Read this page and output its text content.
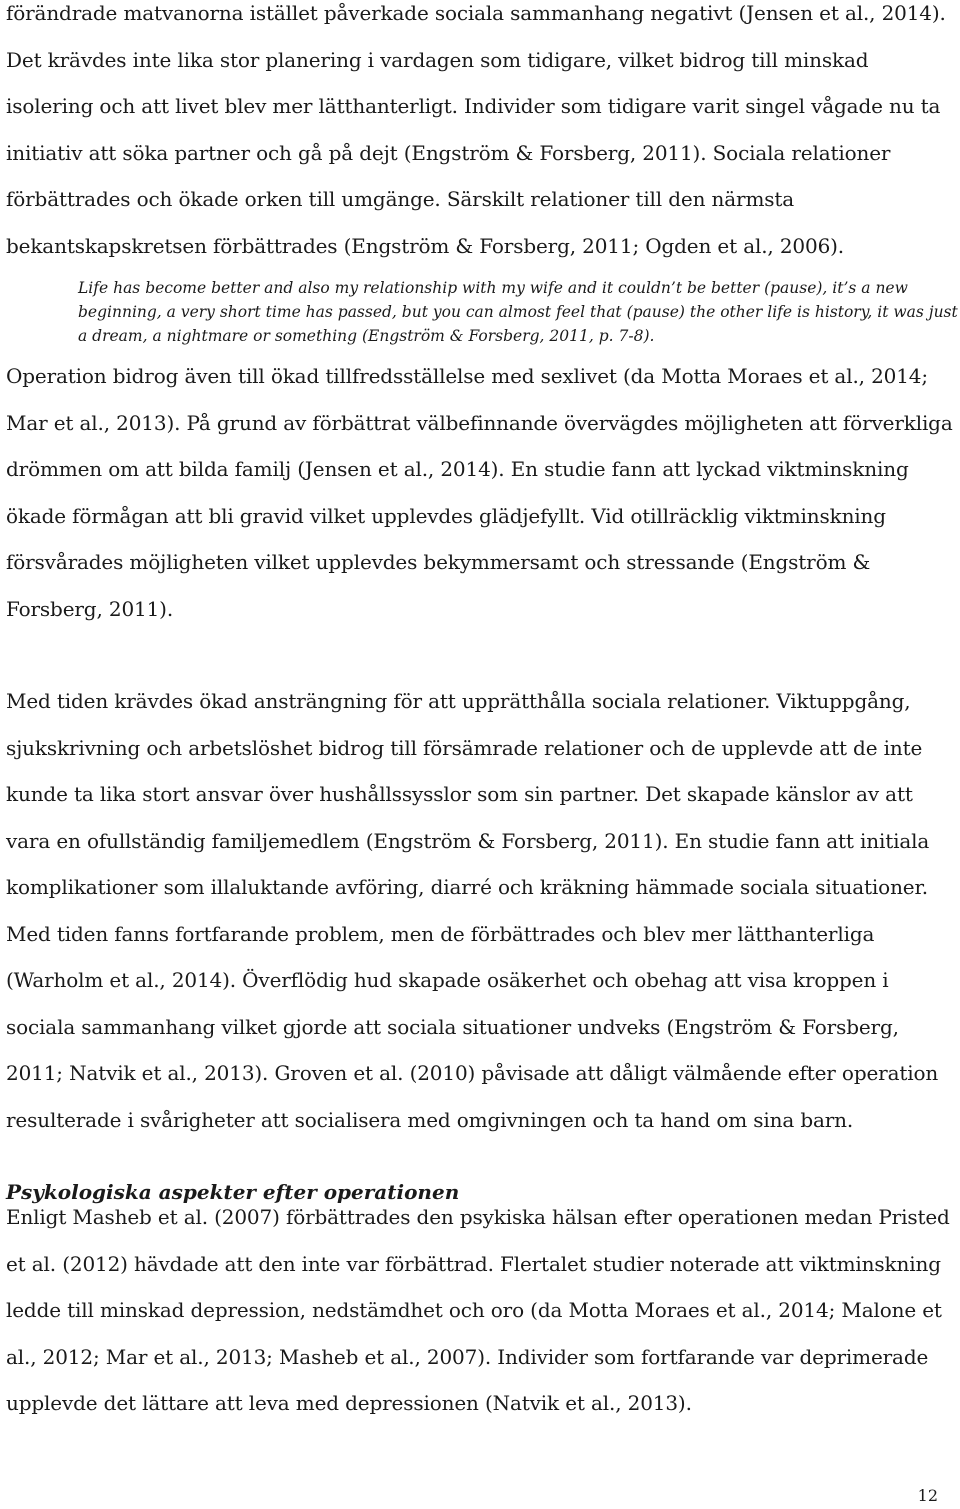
förändrade matvanorna istället påverkade sociala sammanhang negativt (Jensen et al., 2014). Det krävdes inte lika stor planering i vardagen som tidigare, vilket bidrog till minskad isolering och att livet blev mer lätthanterligt. Individer som tidigare varit singel vågade nu ta initiativ att söka partner och gå på dejt (Engström & Forsberg, 2011). Sociala relationer förbättrades och ökade orken till umgänge. Särskilt relationer till den närmsta bekantskapskretsen förbättrades (Engström & Forsberg, 2011; Ogden et al., 2006).

Life has become better and also my relationship with my wife and it couldn’t be better (pause), it’s a new beginning, a very short time has passed, but you can almost feel that (pause) the other life is history, it was just a dream, a nightmare or something (Engström & Forsberg, 2011, p. 7-8).

Operation bidrog även till ökad tillfredsställelse med sexlivet (da Motta Moraes et al., 2014; Mar et al., 2013). På grund av förbättrat välbefinnande övervägdes möjligheten att förverkliga drömmen om att bilda familj (Jensen et al., 2014). En studie fann att lyckad viktminskning ökade förmågan att bli gravid vilket upplevdes glädjefyllt. Vid otillräcklig viktminskning försvårades möjligheten vilket upplevdes bekymmersamt och stressande (Engström & Forsberg, 2011).

Med tiden krävdes ökad ansträngning för att upprätthålla sociala relationer. Viktuppgång, sjukskrivning och arbetslöshet bidrog till försämrade relationer och de upplevde att de inte kunde ta lika stort ansvar över hushållssysslor som sin partner. Det skapade känslor av att vara en ofullständig familjemedlem (Engström & Forsberg, 2011). En studie fann att initiala komplikationer som illaluktande avföring, diarré och kräkning hämmade sociala situationer. Med tiden fanns fortfarande problem, men de förbättrades och blev mer lätthanterliga (Warholm et al., 2014). Överflödig hud skapade osäkerhet och obehag att visa kroppen i sociala sammanhang vilket gjorde att sociala situationer undveks (Engström & Forsberg, 2011; Natvik et al., 2013). Groven et al. (2010) påvisade att dåligt välmående efter operation resulterade i svårigheter att socialisera med omgivningen och ta hand om sina barn.

Psykologiska aspekter efter operationen

Enligt Masheb et al. (2007) förbättrades den psykiska hälsan efter operationen medan Pristed et al. (2012) hävdade att den inte var förbättrad. Flertalet studier noterade att viktminskning ledde till minskad depression, nedstämdhet och oro (da Motta Moraes et al., 2014; Malone et al., 2012; Mar et al., 2013; Masheb et al., 2007). Individer som fortfarande var deprimerade upplevde det lättare att leva med depressionen (Natvik et al., 2013).

12
